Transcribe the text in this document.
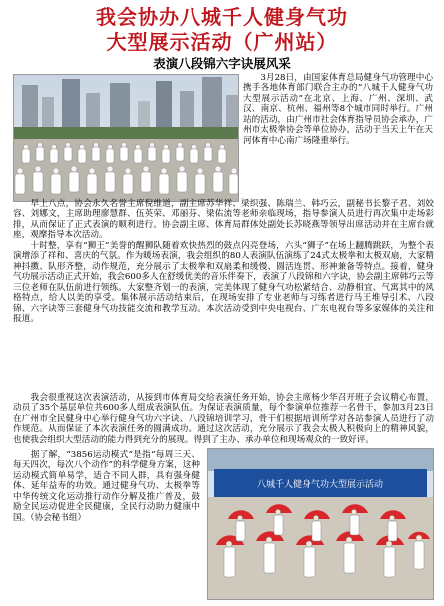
我会协办八城千人健身气功
大型展示活动（广州站）
表演八段锦六字诀展风采

　　3月28日，由国家体育总局健身气功管理中心携手各地体育部门联合主办的“八城千人健身气功大型展示活动”在北京、上海、广州、深圳、武汉、南京、杭州、福州等8个城市同时举行。广州站的活动，由广州市社会体育指导员协会承办，广州市太极拳协会等单位协办，活动于当天上午在天河体育中心南广场隆重举行。

　　早上八点，协会永久名誉主席倪维道，副主席苏华祥、梁织强、陈瑞兰、韩巧云，副秘书长黎子君、刘姣容、刘娜文，主席助理廖慧群、伍英荣、邓丽芬、梁佑流等老师亲临现场，指导参演人员进行再次集中走场彩排，从而保证了正式表演的顺利进行。协会副主席、体育局群体处副处长苏晓燕等领导出席活动并在主席台就座，观摩指导本次活动。
　　十时整，享有“狮王”美誉的醒狮队随着欢快热烈的鼓点闪亮登场，六头“狮子”在场上翻腾跳跃，为整个表演增添了祥和、喜庆的气氛。作为暖场表演，我会组织的80人表演队伍演练了24式太极拳和太极双扇，大家精神抖擞、队形齐整，动作规范，充分展示了太极拳和双扇柔和缓慢、圆活连贯、形神兼备等特点。接着，健身气功展示活动正式开始，我会600多人在舒缓优美的音乐伴奏下，表演了八段锦和六字诀，协会副主席韩巧云等三位老师在队伍前进行领练。大家整齐划一的表演，完美体现了健身气功松紧结合、动静相宜、气寓其中的风格特点，给人以美的享受。集体展示活动结束后，在现场安排了专业老师与习练者进行马王堆导引术、八段锦、六字诀等三套健身气功技能交流和教学互动。本次活动受到中央电视台、广东电视台等多家媒体的关注和报道。

　　我会很重视这次表演活动，从接到市体育局交给表演任务开始，协会主席杨少华召开班子会议精心布置，动员了35个基层单位共600多人组成表演队伍。为保证表演质量，每个参演单位推荐一名骨干，参加3月23日在广州市全民健身中心举行健身气功六字诀、八段锦培训学习，骨干们根据培训所学对各站参演人员进行了动作规范。从而保证了本次表演任务的圆满成功。通过这次活动，充分展示了我会太极人积极向上的精神风貌，也使我会组织大型活动的能力得到充分的展现。得到了主办、承办单位和现场观众的一致好评。

　　据了解，“3856运动模式”是指“每周三天、每天四次，每次八个动作”的科学健身方案，这种运动模式简单易学，适合不同人群，具有强身健体、延年益寿的功效。通过健身气功、太极拳等中华传统文化运动推行动作分解及推广普及，鼓励全民运动促进全民健康，全民行动助力健康中国。（协会秘书组）

八城千人健身气功大型展示活动
